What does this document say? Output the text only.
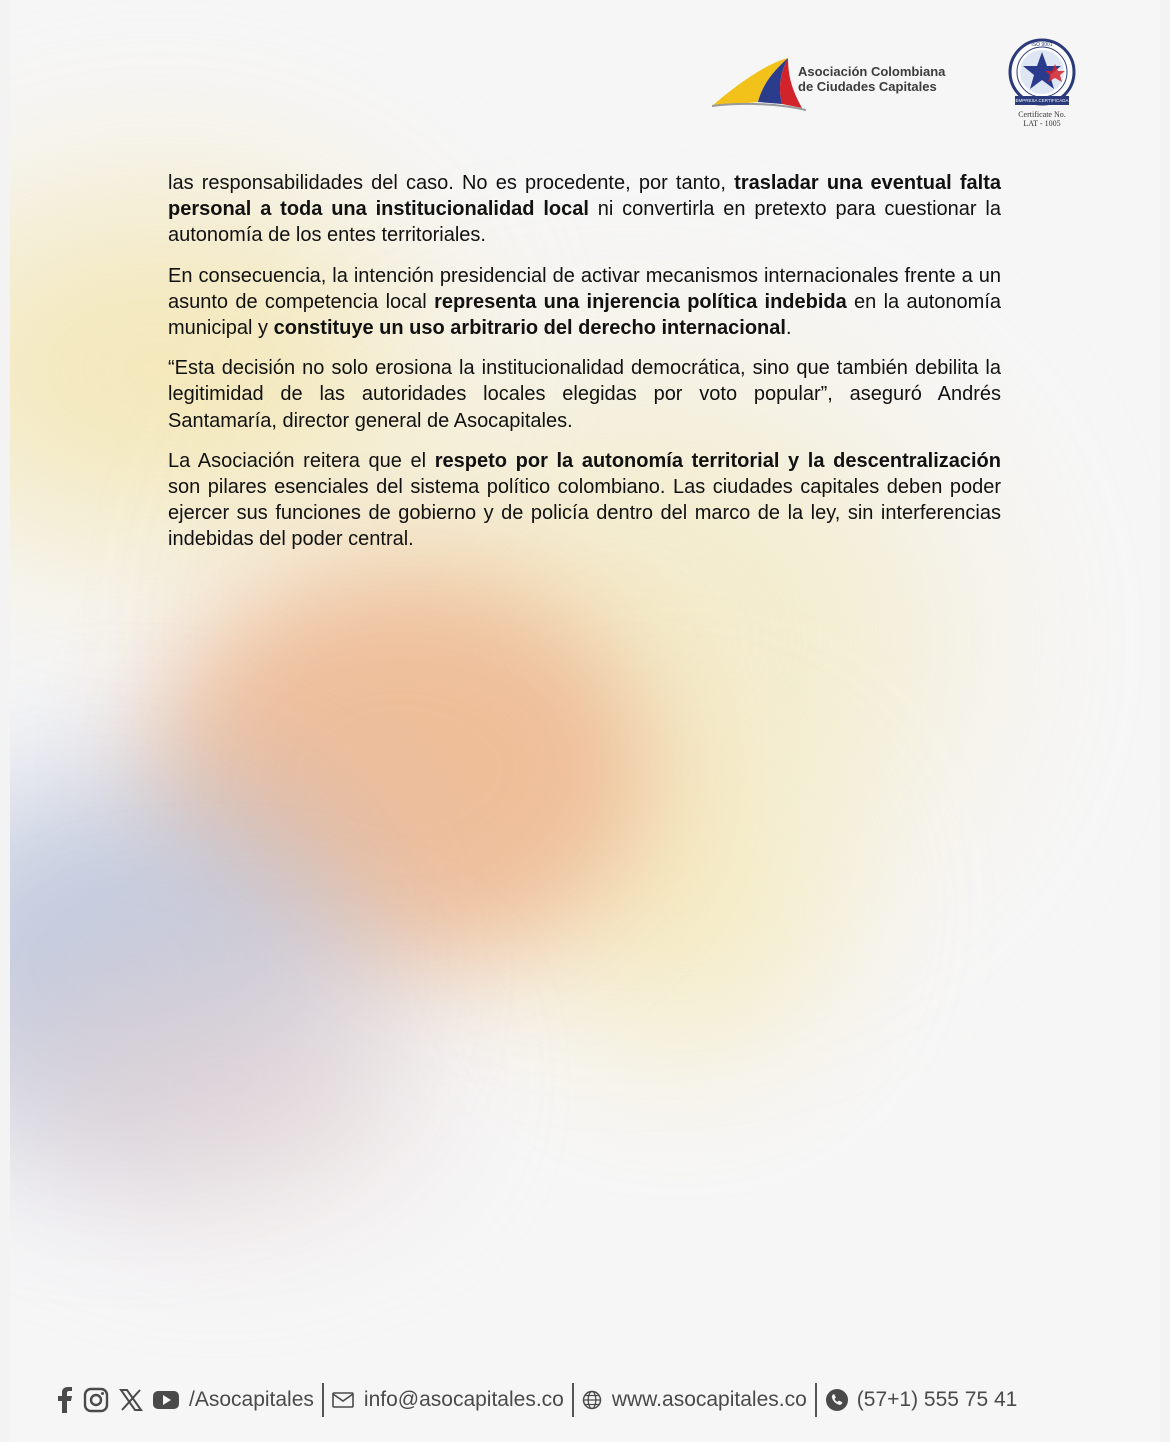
Asociación Colombiana
de Ciudades Capitales
EMPRESA CERTIFICADA
ISO 9001
Certificate No.
LAT - 1005

las responsabilidades del caso. No es procedente, por tanto, trasladar una eventual falta personal a toda una institucionalidad local ni convertirla en pretexto para cuestionar la autonomía de los entes territoriales.

En consecuencia, la intención presidencial de activar mecanismos internacionales frente a un asunto de competencia local representa una injerencia política indebida en la autonomía municipal y constituye un uso arbitrario del derecho internacional.

“Esta decisión no solo erosiona la institucionalidad democrática, sino que también debilita la legitimidad de las autoridades locales elegidas por voto popular”, aseguró Andrés Santamaría, director general de Asocapitales.

La Asociación reitera que el respeto por la autonomía territorial y la descentralización son pilares esenciales del sistema político colombiano. Las ciudades capitales deben poder ejercer sus funciones de gobierno y de policía dentro del marco de la ley, sin interferencias indebidas del poder central.

/Asocapitales info@asocapitales.co www.asocapitales.co (57+1) 555 75 41
